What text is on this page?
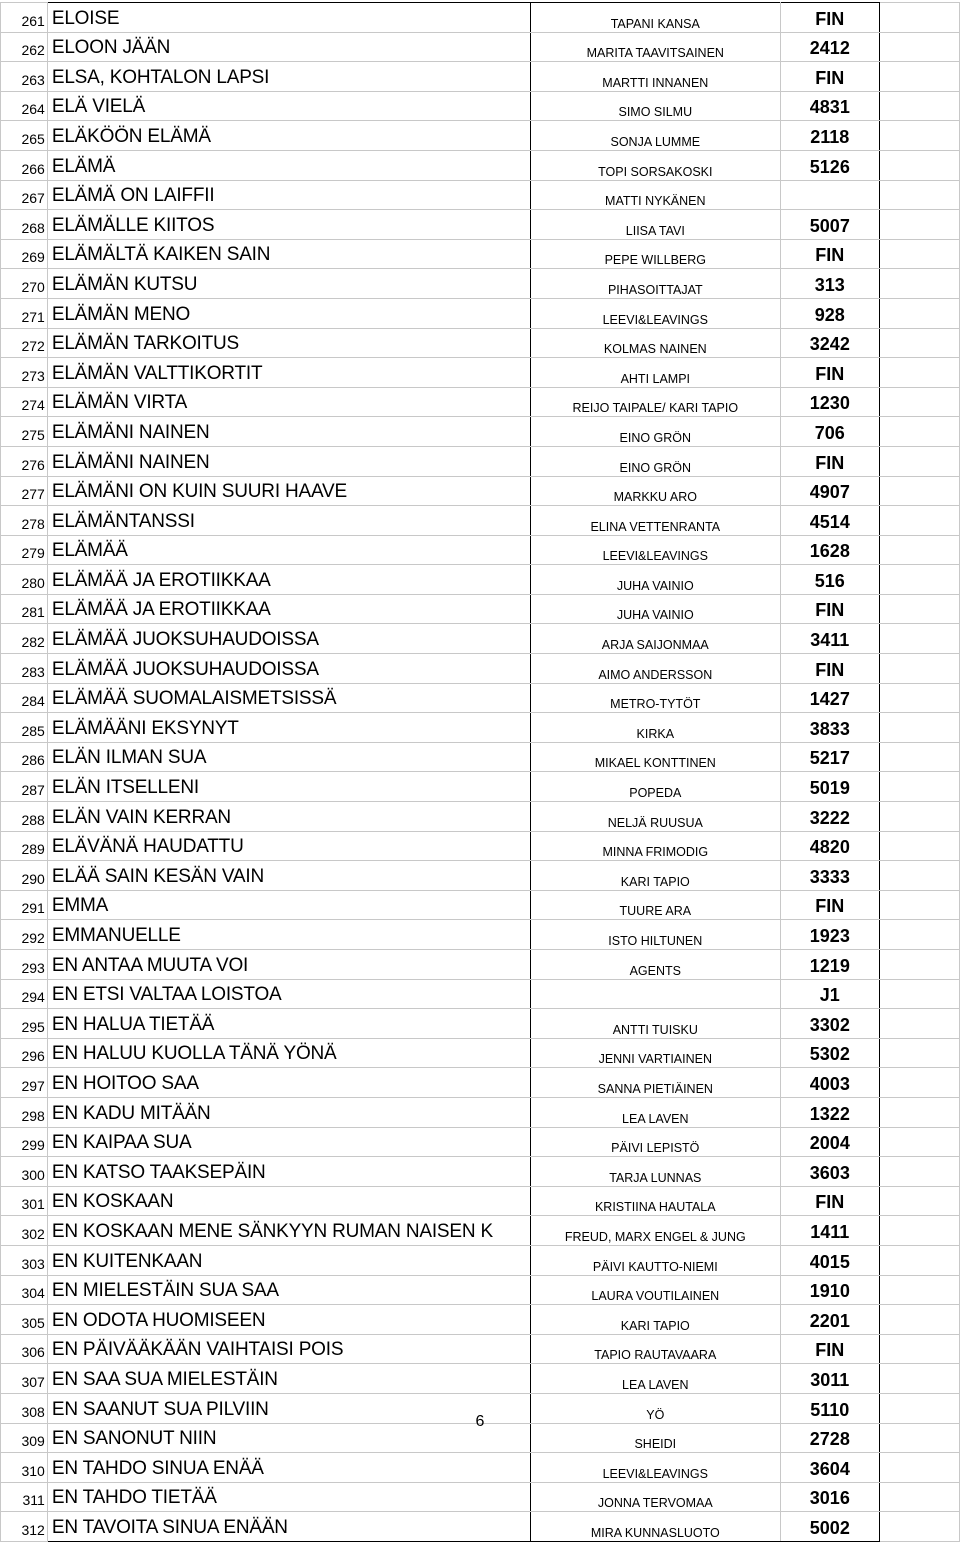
261	ELOISE	TAPANI KANSA	FIN	
262	ELOON JÄÄN	MARITA TAAVITSAINEN	2412	
263	ELSA, KOHTALON LAPSI	MARTTI INNANEN	FIN	
264	ELÄ VIELÄ	SIMO SILMU	4831	
265	ELÄKÖÖN ELÄMÄ	SONJA LUMME	2118	
266	ELÄMÄ	TOPI SORSAKOSKI	5126	
267	ELÄMÄ ON LAIFFII	MATTI NYKÄNEN		
268	ELÄMÄLLE KIITOS	LIISA TAVI	5007	
269	ELÄMÄLTÄ KAIKEN SAIN	PEPE WILLBERG	FIN	
270	ELÄMÄN KUTSU	PIHASOITTAJAT	313	
271	ELÄMÄN MENO	LEEVI&LEAVINGS	928	
272	ELÄMÄN TARKOITUS	KOLMAS NAINEN	3242	
273	ELÄMÄN VALTTIKORTIT	AHTI LAMPI	FIN	
274	ELÄMÄN VIRTA	REIJO TAIPALE/ KARI TAPIO	1230	
275	ELÄMÄNI NAINEN	EINO GRÖN	706	
276	ELÄMÄNI NAINEN	EINO GRÖN	FIN	
277	ELÄMÄNI ON KUIN SUURI HAAVE	MARKKU ARO	4907	
278	ELÄMÄNTANSSI	ELINA VETTENRANTA	4514	
279	ELÄMÄÄ	LEEVI&LEAVINGS	1628	
280	ELÄMÄÄ JA EROTIIKKAA	JUHA VAINIO	516	
281	ELÄMÄÄ JA EROTIIKKAA	JUHA VAINIO	FIN	
282	ELÄMÄÄ JUOKSUHAUDOISSA	ARJA SAIJONMAA	3411	
283	ELÄMÄÄ JUOKSUHAUDOISSA	AIMO ANDERSSON	FIN	
284	ELÄMÄÄ SUOMALAISMETSISSÄ	METRO-TYTÖT	1427	
285	ELÄMÄÄNI EKSYNYT	KIRKA	3833	
286	ELÄN ILMAN SUA	MIKAEL KONTTINEN	5217	
287	ELÄN ITSELLENI	POPEDA	5019	
288	ELÄN VAIN KERRAN	NELJÄ RUUSUA	3222	
289	ELÄVÄNÄ HAUDATTU	MINNA FRIMODIG	4820	
290	ELÄÄ SAIN KESÄN VAIN	KARI TAPIO	3333	
291	EMMA	TUURE ARA	FIN	
292	EMMANUELLE	ISTO HILTUNEN	1923	
293	EN ANTAA MUUTA VOI	AGENTS	1219	
294	EN ETSI VALTAA LOISTOA		J1	
295	EN HALUA TIETÄÄ	ANTTI TUISKU	3302	
296	EN HALUU KUOLLA TÄNÄ YÖNÄ	JENNI VARTIAINEN	5302	
297	EN HOITOO SAA	SANNA PIETIÄINEN	4003	
298	EN KADU MITÄÄN	LEA LAVEN	1322	
299	EN KAIPAA SUA	PÄIVI LEPISTÖ	2004	
300	EN KATSO TAAKSEPÄIN	TARJA LUNNAS	3603	
301	EN KOSKAAN	KRISTIINA HAUTALA	FIN	
302	EN KOSKAAN MENE SÄNKYYN RUMAN NAISEN K	FREUD, MARX ENGEL & JUNG	1411	
303	EN KUITENKAAN	PÄIVI KAUTTO-NIEMI	4015	
304	EN MIELESTÄIN SUA SAA	LAURA VOUTILAINEN	1910	
305	EN ODOTA HUOMISEEN	KARI TAPIO	2201	
306	EN PÄIVÄÄKÄÄN VAIHTAISI POIS	TAPIO RAUTAVAARA	FIN	
307	EN SAA SUA MIELESTÄIN	LEA LAVEN	3011	
308	EN SAANUT SUA PILVIIN	YÖ	5110	
309	EN SANONUT NIIN	SHEIDI	2728	
310	EN TAHDO SINUA ENÄÄ	LEEVI&LEAVINGS	3604	
311	EN TAHDO TIETÄÄ	JONNA TERVOMAA	3016	
312	EN TAVOITA SINUA ENÄÄN	MIRA KUNNASLUOTO	5002	
6
